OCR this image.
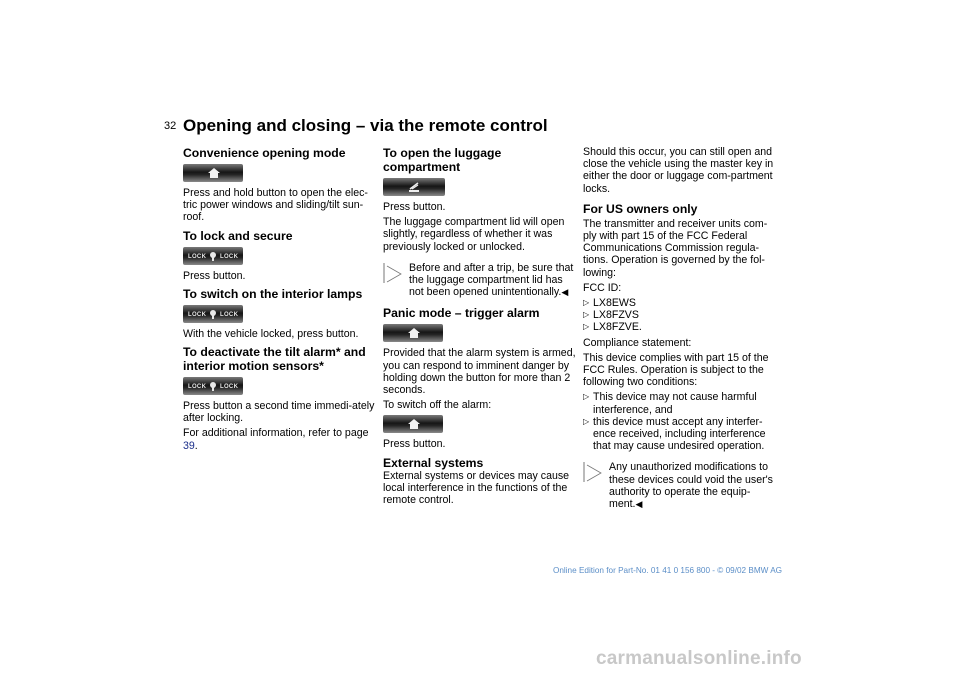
32 Opening and closing – via the remote control
Convenience opening mode

Press and hold button to open the elec-tric power windows and sliding/tilt sun-roof.

To lock and secure
LOCK LOCK

Press button.

To switch on the interior lamps
LOCK LOCK

With the vehicle locked, press button.

To deactivate the tilt alarm* and interior motion sensors*
LOCK LOCK

Press button a second time immedi-ately after locking.

For additional information, refer to page 39.

To open the luggage compartment

Press button.

The luggage compartment lid will open slightly, regardless of whether it was previously locked or unlocked.

Before and after a trip, be sure that the luggage compartment lid has not been opened unintentionally.◀

Panic mode – trigger alarm

Provided that the alarm system is armed, you can respond to imminent danger by holding down the button for more than 2 seconds.

To switch off the alarm:

Press button.

External systems

External systems or devices may cause local interference in the functions of the remote control.

Should this occur, you can still open and close the vehicle using the master key in either the door or luggage com-partment locks.

For US owners only

The transmitter and receiver units com-ply with part 15 of the FCC Federal Communications Commission regula-tions. Operation is governed by the fol-lowing:

FCC ID:

▷ LX8EWS
▷ LX8FZVS
▷ LX8FZVE.

Compliance statement:

This device complies with part 15 of the FCC Rules. Operation is subject to the following two conditions:

▷ This device may not cause harmful interference, and
▷ this device must accept any interfer-ence received, including interference that may cause undesired operation.

Any unauthorized modifications to these devices could void the user's authority to operate the equip-ment.◀

Online Edition for Part-No. 01 41 0 156 800 - © 09/02 BMW AG
carmanualsonline.info
